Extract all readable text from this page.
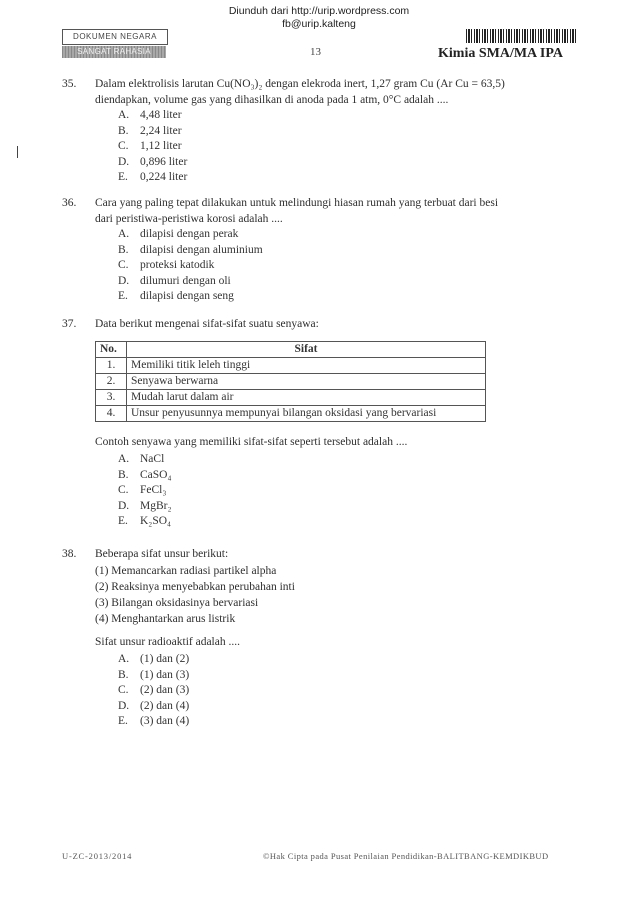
Diunduh dari http://urip.wordpress.com
fb@urip.kalteng
DOKUMEN NEGARA
SANGAT RAHASIA	13	Kimia SMA/MA IPA
35. Dalam elektrolisis larutan Cu(NO₃)₂ dengan elekroda inert, 1,27 gram Cu (Ar Cu = 63,5)
diendapkan, volume gas yang dihasilkan di anoda pada 1 atm, 0°C adalah ....
A. 4,48 liter
B. 2,24 liter
C. 1,12 liter
D. 0,896 liter
E. 0,224 liter
36. Cara yang paling tepat dilakukan untuk melindungi hiasan rumah yang terbuat dari besi
dari peristiwa-peristiwa korosi adalah ....
A. dilapisi dengan perak
B. dilapisi dengan aluminium
C. proteksi katodik
D. dilumuri dengan oli
E. dilapisi dengan seng
37. Data berikut mengenai sifat-sifat suatu senyawa:
No.	Sifat
1.	Memiliki titik leleh tinggi
2.	Senyawa berwarna
3.	Mudah larut dalam air
4.	Unsur penyusunnya mempunyai bilangan oksidasi yang bervariasi
Contoh senyawa yang memiliki sifat-sifat seperti tersebut adalah ....
A. NaCl
B. CaSO₄
C. FeCl₃
D. MgBr₂
E. K₂SO₄
38. Beberapa sifat unsur berikut:
(1) Memancarkan radiasi partikel alpha
(2) Reaksinya menyebabkan perubahan inti
(3) Bilangan oksidasinya bervariasi
(4) Menghantarkan arus listrik
Sifat unsur radioaktif adalah ....
A. (1) dan (2)
B. (1) dan (3)
C. (2) dan (3)
D. (2) dan (4)
E. (3) dan (4)
U-ZC-2013/2014	©Hak Cipta pada Pusat Penilaian Pendidikan-BALITBANG-KEMDIKBUD
